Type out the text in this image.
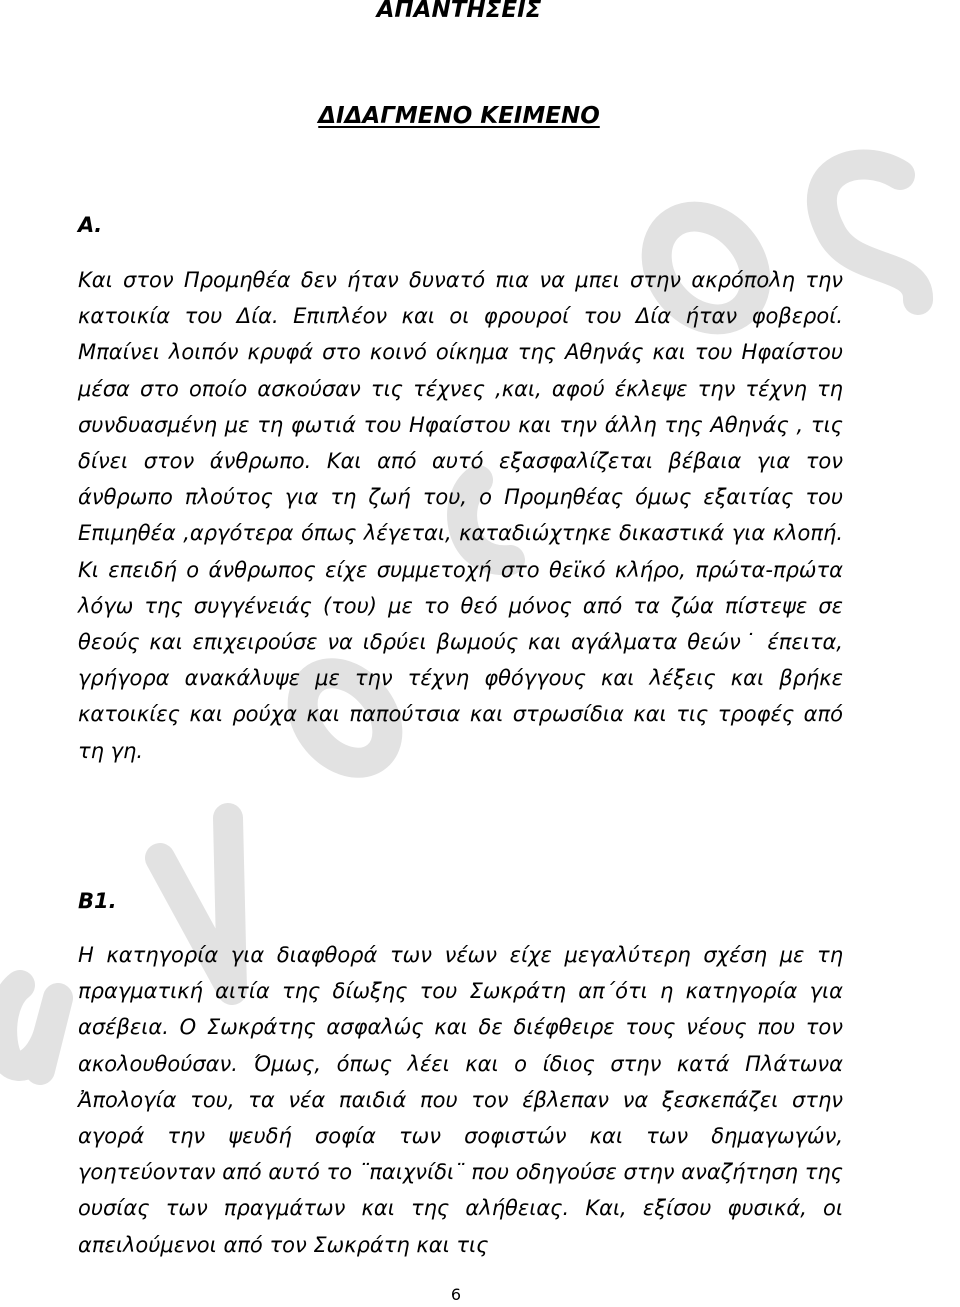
ΑΠΑΝΤΗΣΕΙΣ
ΔΙΔΑΓΜΕΝΟ ΚΕΙΜΕΝΟ
Α.
Και στον Προμηθέα δεν ήταν δυνατό πια να μπει στην ακρόπολη την κατοικία του Δία. Επιπλέον και οι φρουροί του Δία ήταν φοβεροί. Μπαίνει λοιπόν κρυφά στο κοινό οίκημα της Αθηνάς και του Ηφαίστου μέσα στο οποίο ασκούσαν τις τέχνες ,και, αφού έκλεψε την τέχνη τη συνδυασμένη με τη φωτιά του Ηφαίστου και την άλλη της Αθηνάς , τις δίνει στον άνθρωπο. Και από αυτό εξασφαλίζεται βέβαια για τον άνθρωπο πλούτος για τη ζωή του, ο Προμηθέας όμως εξαιτίας του Επιμηθέα ,αργότερα όπως λέγεται, καταδιώχτηκε δικαστικά για κλοπή. Κι επειδή ο άνθρωπος είχε συμμετοχή στο θεϊκό κλήρο, πρώτα-πρώτα λόγω της συγγένειάς (του) με το θεό μόνος από τα ζώα πίστεψε σε θεούς και επιχειρούσε να ιδρύει βωμούς και αγάλματα θεών˙ έπειτα, γρήγορα ανακάλυψε με την τέχνη φθόγγους και λέξεις και βρήκε κατοικίες και ρούχα και παπούτσια και στρωσίδια και τις τροφές από τη γη.
Β1.
Η κατηγορία για διαφθορά των νέων είχε μεγαλύτερη σχέση με τη πραγματική αιτία της δίωξης του Σωκράτη απ΄ότι η κατηγορία για ασέβεια. Ο Σωκράτης ασφαλώς και δε διέφθειρε τους νέους που τον ακολουθούσαν. Όμως, όπως λέει και ο ίδιος στην κατά Πλάτωνα Ἀπολογία του, τα νέα παιδιά που τον έβλεπαν να ξεσκεπάζει στην αγορά την ψευδή σοφία των σοφιστών και των δημαγωγών, γοητεύονταν από αυτό το ¨παιχνίδι¨ που οδηγούσε στην αναζήτηση της ουσίας των πραγμάτων και της αλήθειας. Και, εξίσου φυσικά, οι απειλούμενοι από τον Σωκράτη και τις
6
